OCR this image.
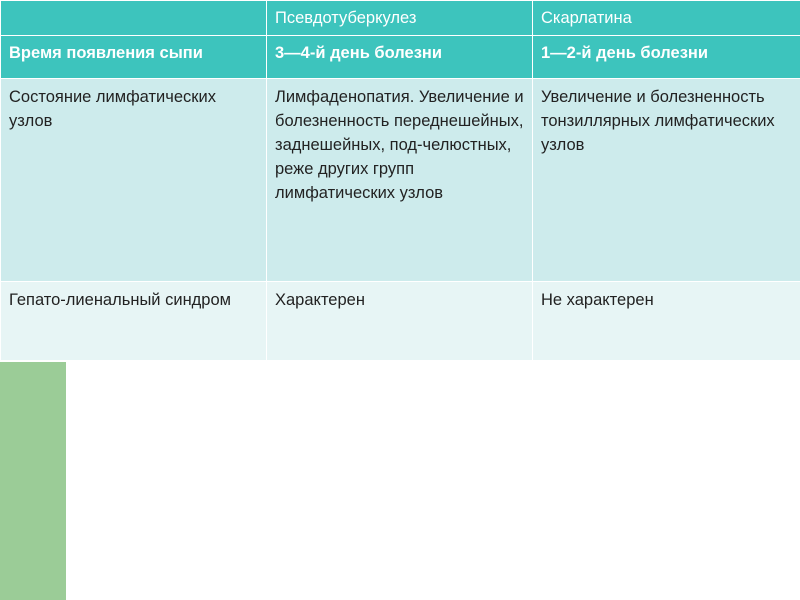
	Псевдотуберкулез	Скарлатина
Время появления сыпи	3—4-й день болезни	1—2-й день болезни
Состояние лимфатических узлов	Лимфаденопатия. Увеличение и болезненность переднешейных, заднешейных, под-челюстных, реже других групп лимфатических узлов	Увеличение и болезненность тонзиллярных лимфатических узлов
Гепато-лиенальный синдром	Характерен	Не характерен
